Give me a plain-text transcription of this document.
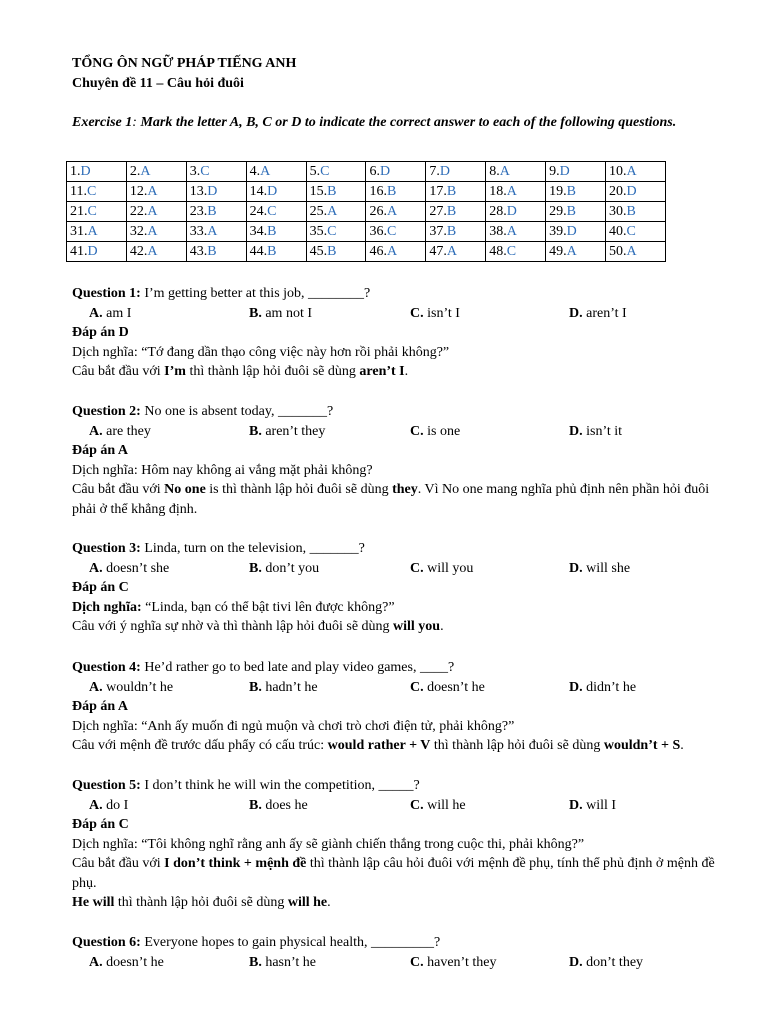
TỔNG ÔN NGỮ PHÁP TIẾNG ANH
Chuyên đề 11 – Câu hỏi đuôi
Exercise 1: Mark the letter A, B, C or D to indicate the correct answer to each of the following questions.
1.D	2.A	3.C	4.A	5.C	6.D	7.D	8.A	9.D	10.A
11.C	12.A	13.D	14.D	15.B	16.B	17.B	18.A	19.B	20.D
21.C	22.A	23.B	24.C	25.A	26.A	27.B	28.D	29.B	30.B
31.A	32.A	33.A	34.B	35.C	36.C	37.B	38.A	39.D	40.C
41.D	42.A	43.B	44.B	45.B	46.A	47.A	48.C	49.A	50.A
Question 1: I’m getting better at this job, ________?
A. am I	B. am not I	C. isn’t I	D. aren’t I
Đáp án D
Dịch nghĩa: “Tớ đang dần thạo công việc này hơn rồi phải không?”
Câu bắt đầu với I’m thì thành lập hỏi đuôi sẽ dùng aren’t I.
Question 2: No one is absent today, _______?
A. are they	B. aren’t they	C. is one	D. isn’t it
Đáp án A
Dịch nghĩa: Hôm nay không ai vắng mặt phải không?
Câu bắt đầu với No one is thì thành lập hỏi đuôi sẽ dùng they. Vì No one mang nghĩa phủ định nên phần hỏi đuôi phải ở thể khẳng định.
Question 3: Linda, turn on the television, _______?
A. doesn’t she	B. don’t you	C. will you	D. will she
Đáp án C
Dịch nghĩa: “Linda, bạn có thể bật tivi lên được không?”
Câu với ý nghĩa sự nhờ và thì thành lập hỏi đuôi sẽ dùng will you.
Question 4: He’d rather go to bed late and play video games, ____?
A. wouldn’t he	B. hadn’t he	C. doesn’t he	D. didn’t he
Đáp án A
Dịch nghĩa: “Anh ấy muốn đi ngủ muộn và chơi trò chơi điện tử, phải không?”
Câu với mệnh đề trước dấu phẩy có cấu trúc: would rather + V thì thành lập hỏi đuôi sẽ dùng wouldn’t + S.
Question 5: I don’t think he will win the competition, _____?
A. do I	B. does he	C. will he	D. will I
Đáp án C
Dịch nghĩa: “Tôi không nghĩ rằng anh ấy sẽ giành chiến thắng trong cuộc thi, phải không?”
Câu bắt đầu với I don’t think + mệnh đề thì thành lập câu hỏi đuôi với mệnh đề phụ, tính thể phủ định ở mệnh đề phụ.
He will thì thành lập hỏi đuôi sẽ dùng will he.
Question 6: Everyone hopes to gain physical health, _________?
A. doesn’t he	B. hasn’t he	C. haven’t they	D. don’t they
